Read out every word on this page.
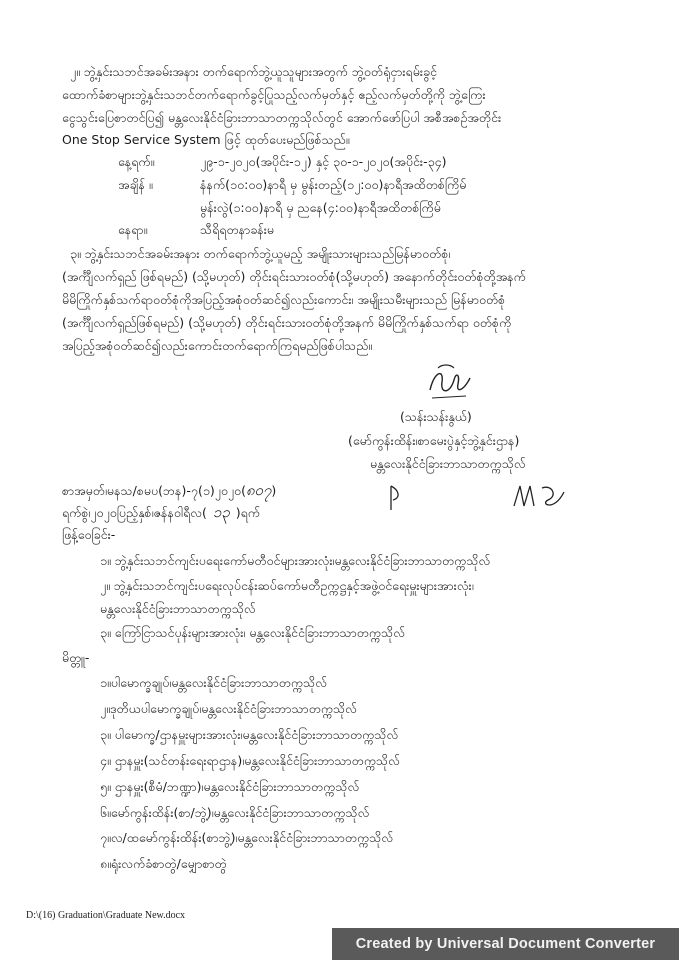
၂။ ဘွဲ့နှင်းသဘင်အခမ်းအနား တက်ရောက်ဘွဲ့ယူသူများအတွက် ဘွဲ့ဝတ်ရုံငှားရမ်းခွင့်
ထောက်ခံစာများဘွဲ့နှင်းသဘင်တက်ရောက်ခွင့်ပြုသည့်လက်မှတ်နှင့် ဧည့်လက်မှတ်တို့ကို ဘွဲ့ကြေး
ငွေသွင်းပြေစာတင်ပြ၍ မန္တလေးနိုင်ငံခြားဘာသာတက္ကသိုလ်တွင် အောက်ဖော်ပြပါ အစီအစဉ်အတိုင်း
One Stop Service System ဖြင့် ထုတ်ပေးမည်ဖြစ်သည်။
နေ့ရက်။	၂၉-၁-၂၀၂၀(အပိုင်း-၁၂) နှင့် ၃၀-၁-၂၀၂၀(အပိုင်း-၃၄)
အချိန် ။	နံနက်(၁၀:၀၀)နာရီ မှ မွန်းတည့်(၁၂:၀၀)နာရီအထိတစ်ကြိမ်
မွန်းလွဲ(၁:၀၀)နာရီ မှ ညနေ(၄:၀၀)နာရီအထိတစ်ကြိမ်
နေရာ။	သီရိရတနာခန်းမ
၃။ ဘွဲ့နှင်းသဘင်အခမ်းအနား တက်ရောက်ဘွဲ့ယူမည့် အမျိုးသားများသည်မြန်မာဝတ်စုံ၊
(အင်္ကျီလက်ရှည် ဖြစ်ရမည်) (သို့မဟုတ်) တိုင်းရင်းသားဝတ်စုံ(သို့မဟုတ်) အနောက်တိုင်းဝတ်စုံတို့အနက်
မိမိကြိုက်နှစ်သက်ရာဝတ်စုံကိုအပြည့်အစုံဝတ်ဆင်၍လည်းကောင်း၊ အမျိုးသမီးများသည် မြန်မာဝတ်စုံ
(အင်္ကျီလက်ရှည်ဖြစ်ရမည်) (သို့မဟုတ်) တိုင်းရင်းသားဝတ်စုံတို့အနက် မိမိကြိုက်နှစ်သက်ရာ ဝတ်စုံကို
အပြည့်အစုံဝတ်ဆင်၍လည်းကောင်းတက်ရောက်ကြရမည်ဖြစ်ပါသည်။
(သန်းသန်းနွယ်)
(မော်ကွန်းထိန်း၊စာမေးပွဲနှင့်ဘွဲ့နှင်းဌာန)
မန္တလေးနိုင်ငံခြားဘာသာတက္ကသိုလ်
စာအမှတ်၊မနသ/စမပ(ဘန)-၇(၁)၂၀၂၀(၈၀၇)
ရက်စွဲ၊၂၀၂၀ပြည့်နှစ်၊ဇန်နဝါရီလ( ၁၃ )ရက်
ဖြန့်ဝေခြင်း-
၁။ ဘွဲ့နှင်းသဘင်ကျင်းပရေးကော်မတီဝင်များအားလုံး၊မန္တလေးနိုင်ငံခြားဘာသာတက္ကသိုလ်
၂။ ဘွဲ့နှင်းသဘင်ကျင်းပရေးလုပ်ငန်းဆပ်ကော်မတီဥက္ကဋ္ဌနှင့်အဖွဲ့ဝင်ရေးမှူးများအားလုံး၊
မန္တလေးနိုင်ငံခြားဘာသာတက္ကသိုလ်
၃။ ကြော်ငြာသင်ပုန်းများအားလုံး၊ မန္တလေးနိုင်ငံခြားဘာသာတက္ကသိုလ်
မိတ္တူ-
၁။ပါမောက္ခချုပ်၊မန္တလေးနိုင်ငံခြားဘာသာတက္ကသိုလ်
၂။ဒုတိယပါမောက္ခချုပ်၊မန္တလေးနိုင်ငံခြားဘာသာတက္ကသိုလ်
၃။ ပါမောက္ခ/ဌာနမှူးများအားလုံး၊မန္တလေးနိုင်ငံခြားဘာသာတက္ကသိုလ်
၄။ ဌာနမှူး(သင်တန်းရေးရာဌာန)၊မန္တလေးနိုင်ငံခြားဘာသာတက္ကသိုလ်
၅။ ဌာနမှူး(စီမံ/ဘဏ္ဍာ)၊မန္တလေးနိုင်ငံခြားဘာသာတက္ကသိုလ်
၆။မော်ကွန်းထိန်း(စာ/ဘွဲ့)၊မန္တလေးနိုင်ငံခြားဘာသာတက္ကသိုလ်
၇။လ/ထမော်ကွန်းထိန်း(စာဘွဲ့)၊မန္တလေးနိုင်ငံခြားဘာသာတက္ကသိုလ်
၈။ရုံးလက်ခံစာတွဲ/မျှောစာတွဲ
D:\(16) Graduation\Graduate New.docx
Created by Universal Document Converter
